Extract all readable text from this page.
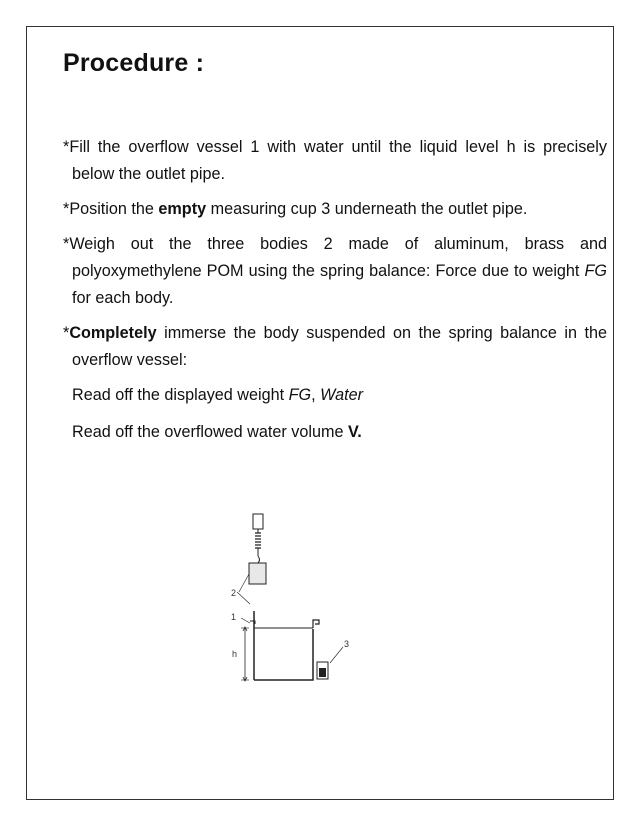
Procedure :

*Fill the overflow vessel 1 with water until the liquid level h is precisely below the outlet pipe.

*Position the empty measuring cup 3 underneath the outlet pipe.

*Weigh out the three bodies 2 made of aluminum, brass and polyoxymethylene POM using the spring balance: Force due to weight FG for each body.

*Completely immerse the body suspended on the spring balance in the overflow vessel:

Read off the displayed weight FG, Water

Read off the overflowed water volume V.

2
1
3
h
